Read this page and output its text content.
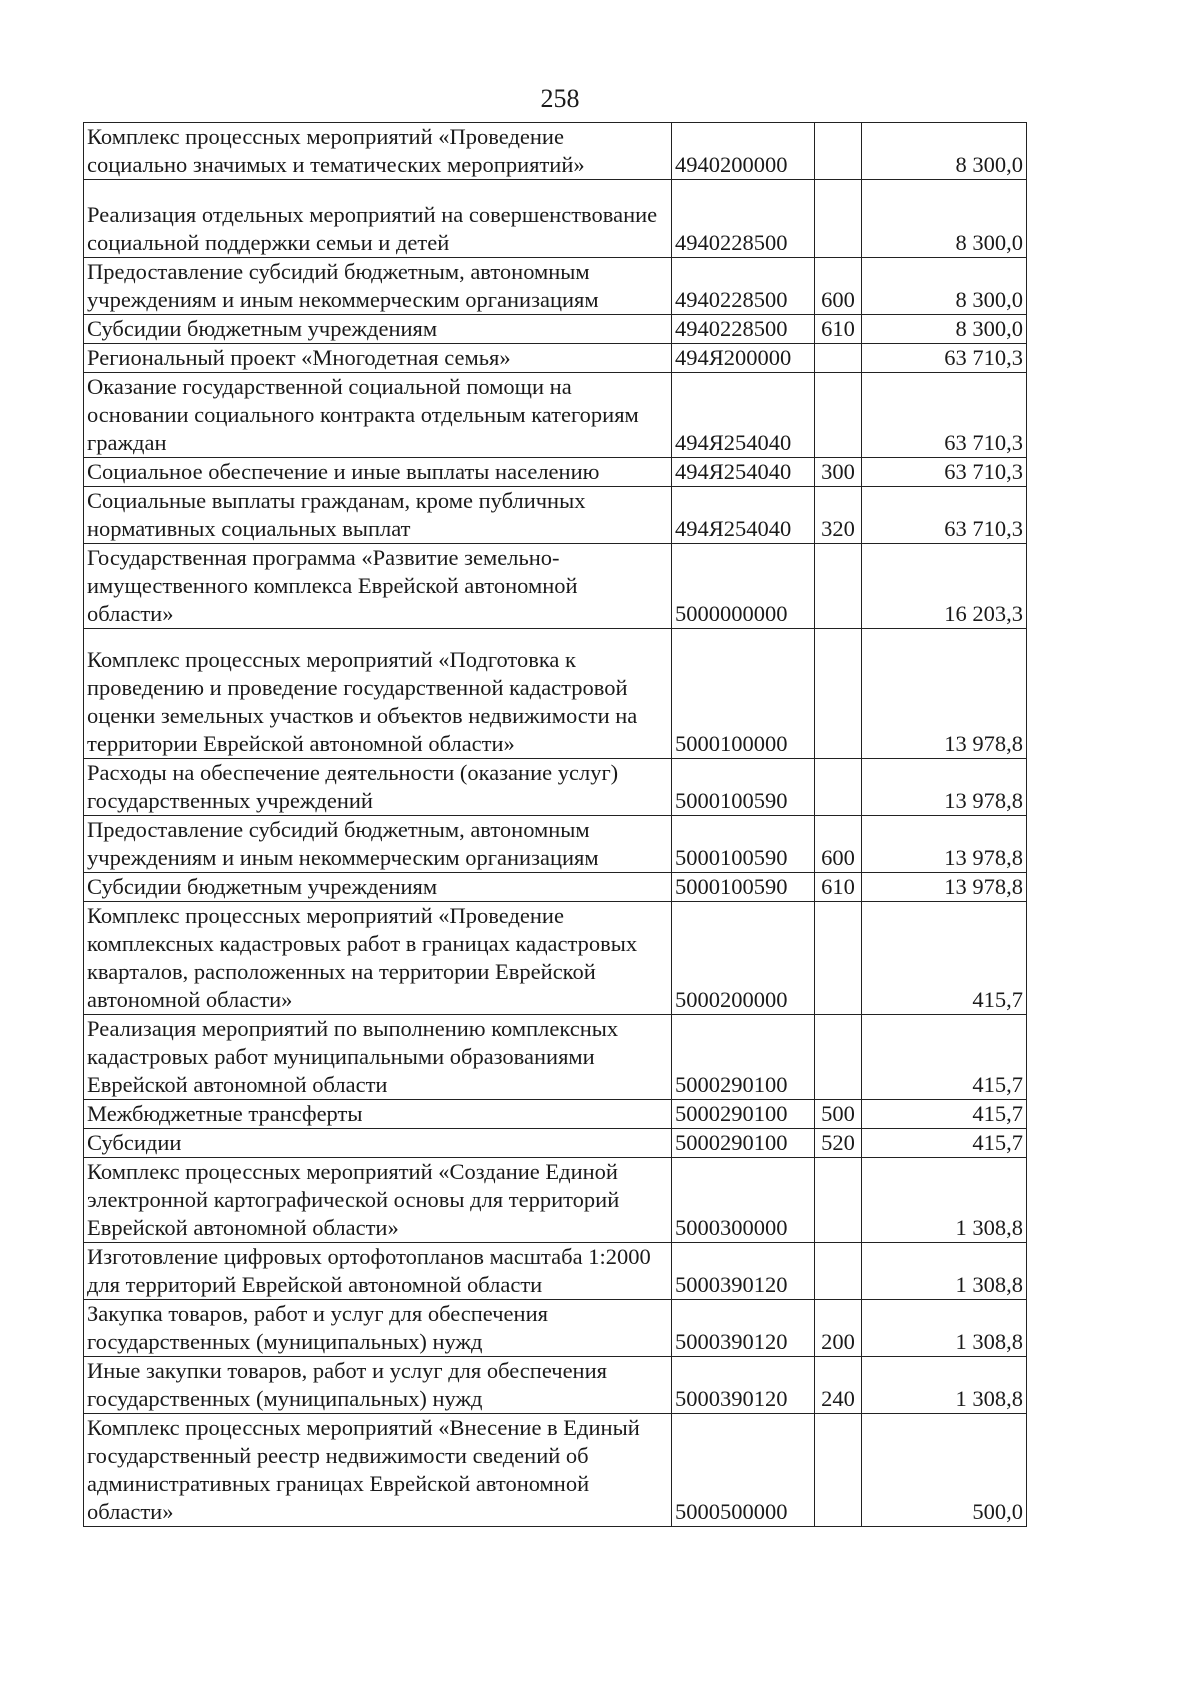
258
Комплекс процессных мероприятий «Проведение социально значимых и тематических мероприятий»	4940200000		8 300,0
Реализация отдельных мероприятий на совершенствование социальной поддержки семьи и детей	4940228500		8 300,0
Предоставление субсидий бюджетным, автономным учреждениям и иным некоммерческим организациям	4940228500	600	8 300,0
Субсидии бюджетным учреждениям	4940228500	610	8 300,0
Региональный проект «Многодетная семья»	494Я200000		63 710,3
Оказание государственной социальной помощи на основании социального контракта отдельным категориям граждан	494Я254040		63 710,3
Социальное обеспечение и иные выплаты населению	494Я254040	300	63 710,3
Социальные выплаты гражданам, кроме публичных нормативных социальных выплат	494Я254040	320	63 710,3
Государственная программа «Развитие земельно-имущественного комплекса Еврейской автономной области»	5000000000		16 203,3
Комплекс процессных мероприятий «Подготовка к проведению и проведение государственной кадастровой оценки земельных участков и объектов недвижимости на территории Еврейской автономной области»	5000100000		13 978,8
Расходы на обеспечение деятельности (оказание услуг) государственных учреждений	5000100590		13 978,8
Предоставление субсидий бюджетным, автономным учреждениям и иным некоммерческим организациям	5000100590	600	13 978,8
Субсидии бюджетным учреждениям	5000100590	610	13 978,8
Комплекс процессных мероприятий «Проведение комплексных кадастровых работ в границах кадастровых кварталов, расположенных на территории Еврейской автономной области»	5000200000		415,7
Реализация мероприятий по выполнению комплексных кадастровых работ муниципальными образованиями Еврейской автономной области	5000290100		415,7
Межбюджетные трансферты	5000290100	500	415,7
Субсидии	5000290100	520	415,7
Комплекс процессных мероприятий «Создание Единой электронной картографической основы для территорий Еврейской автономной области»	5000300000		1 308,8
Изготовление цифровых ортофотопланов масштаба 1:2000 для территорий Еврейской автономной области	5000390120		1 308,8
Закупка товаров, работ и услуг для обеспечения государственных (муниципальных) нужд	5000390120	200	1 308,8
Иные закупки товаров, работ и услуг для обеспечения государственных (муниципальных) нужд	5000390120	240	1 308,8
Комплекс процессных мероприятий «Внесение в Единый государственный реестр недвижимости сведений об административных границах Еврейской автономной области»	5000500000		500,0
